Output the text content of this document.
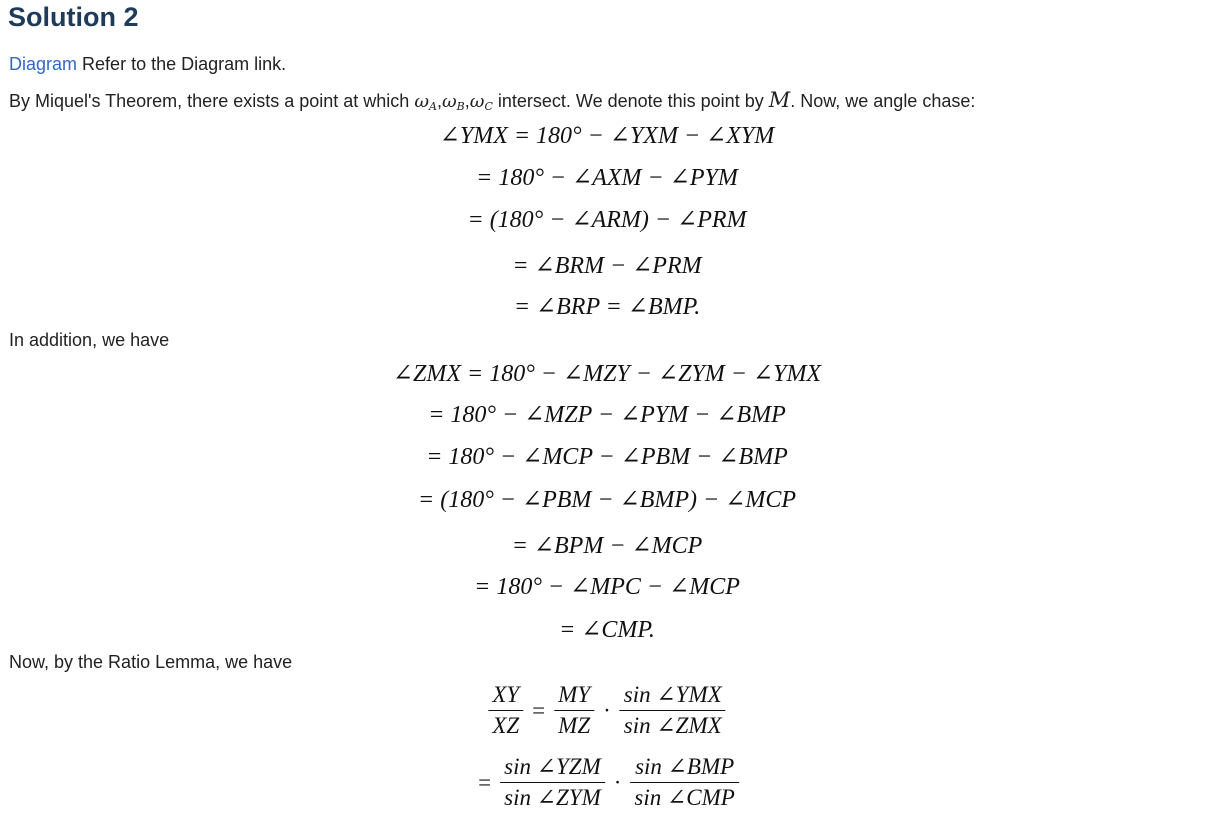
Solution 2
Diagram Refer to the Diagram link.
By Miquel's Theorem, there exists a point at which $\omega_A,\omega_B,\omega_C$ intersect. We denote this point by M. Now, we angle chase:
∠YMX = 180° − ∠YXM − ∠XYM
= 180° − ∠AXM − ∠PYM
= (180° − ∠ARM) − ∠PRM
= ∠BRM − ∠PRM
= ∠BRP = ∠BMP.
In addition, we have
∠ZMX = 180° − ∠MZY − ∠ZYM − ∠YMX
= 180° − ∠MZP − ∠PYM − ∠BMP
= 180° − ∠MCP − ∠PBM − ∠BMP
= (180° − ∠PBM − ∠BMP) − ∠MCP
= ∠BPM − ∠MCP
= 180° − ∠MPC − ∠MCP
= ∠CMP.
Now, by the Ratio Lemma, we have
$\frac{XY}{XZ} = \frac{MY}{MZ} \cdot \frac{\text{sin ∠YMX}}{\text{sin ∠ZMX}}$
= $\frac{\text{sin ∠YZM}}{\text{sin ∠ZYM}} \cdot \frac{\text{sin ∠BMP}}{\text{sin ∠CMP}}$
